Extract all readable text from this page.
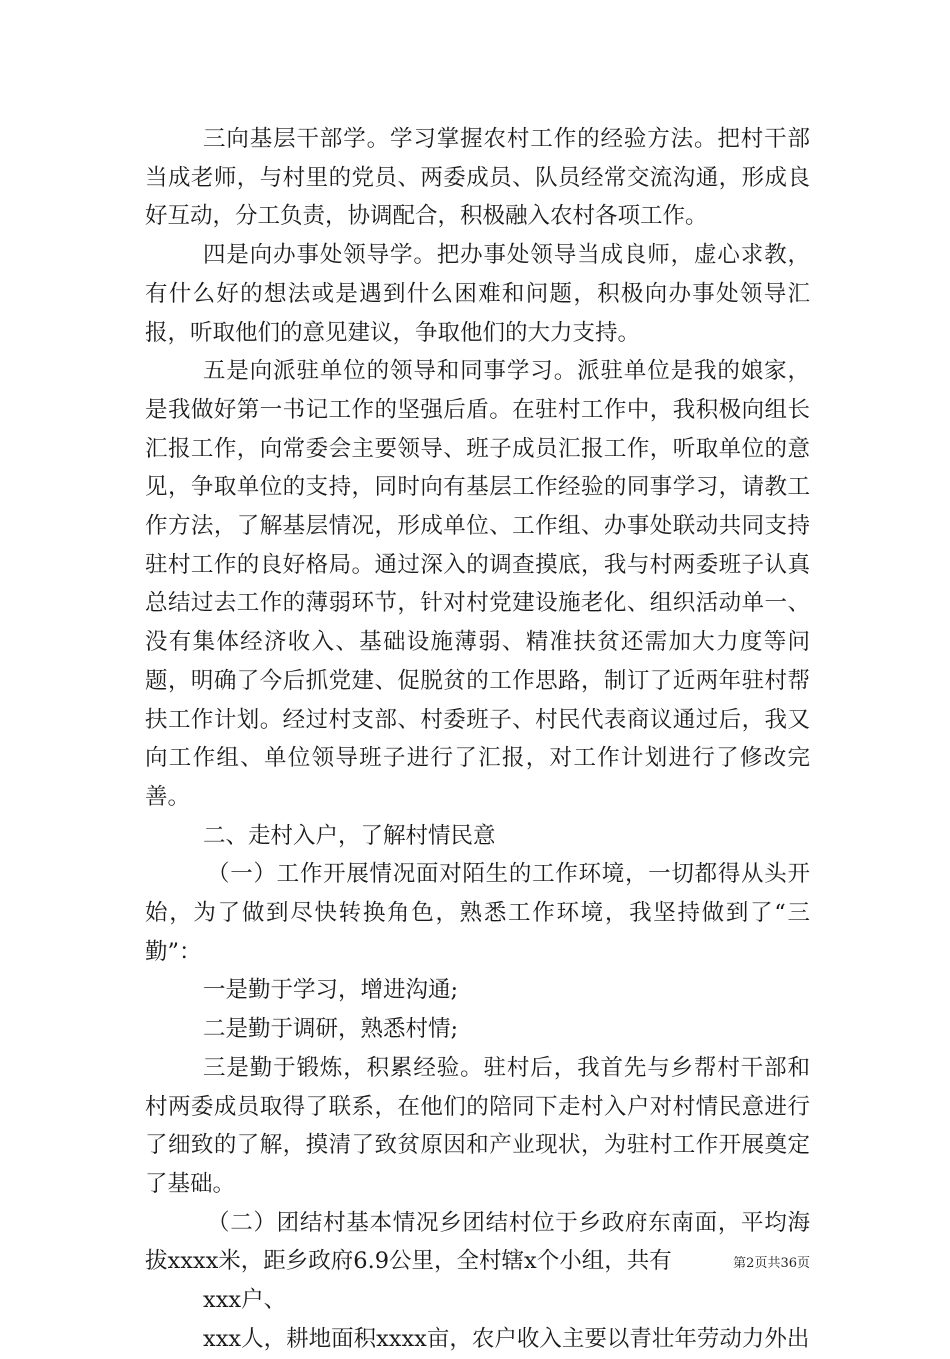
三向基层干部学。学习掌握农村工作的经验方法。把村干部当成老师，与村里的党员、两委成员、队员经常交流沟通，形成良好互动，分工负责，协调配合，积极融入农村各项工作。

四是向办事处领导学。把办事处领导当成良师，虚心求教，有什么好的想法或是遇到什么困难和问题，积极向办事处领导汇报，听取他们的意见建议，争取他们的大力支持。

五是向派驻单位的领导和同事学习。派驻单位是我的娘家，是我做好第一书记工作的坚强后盾。在驻村工作中，我积极向组长汇报工作，向常委会主要领导、班子成员汇报工作，听取单位的意见，争取单位的支持，同时向有基层工作经验的同事学习，请教工作方法，了解基层情况，形成单位、工作组、办事处联动共同支持驻村工作的良好格局。通过深入的调查摸底，我与村两委班子认真总结过去工作的薄弱环节，针对村党建设施老化、组织活动单一、没有集体经济收入、基础设施薄弱、精准扶贫还需加大力度等问题，明确了今后抓党建、促脱贫的工作思路，制订了近两年驻村帮扶工作计划。经过村支部、村委班子、村民代表商议通过后，我又向工作组、单位领导班子进行了汇报，对工作计划进行了修改完善。

二、走村入户，了解村情民意

（一）工作开展情况面对陌生的工作环境，一切都得从头开始，为了做到尽快转换角色，熟悉工作环境，我坚持做到了“三勤”：

一是勤于学习，增进沟通;

二是勤于调研，熟悉村情;

三是勤于锻炼，积累经验。驻村后，我首先与乡帮村干部和村两委成员取得了联系，在他们的陪同下走村入户对村情民意进行了细致的了解，摸清了致贫原因和产业现状，为驻村工作开展奠定了基础。

（二）团结村基本情况乡团结村位于乡政府东南面，平均海拔xxxx米，距乡政府6.9公里，全村辖x个小组，共有

xxx户、

xxx人，耕地面积xxxx亩，农户收入主要以青壮年劳动力外出

第2页共36页
